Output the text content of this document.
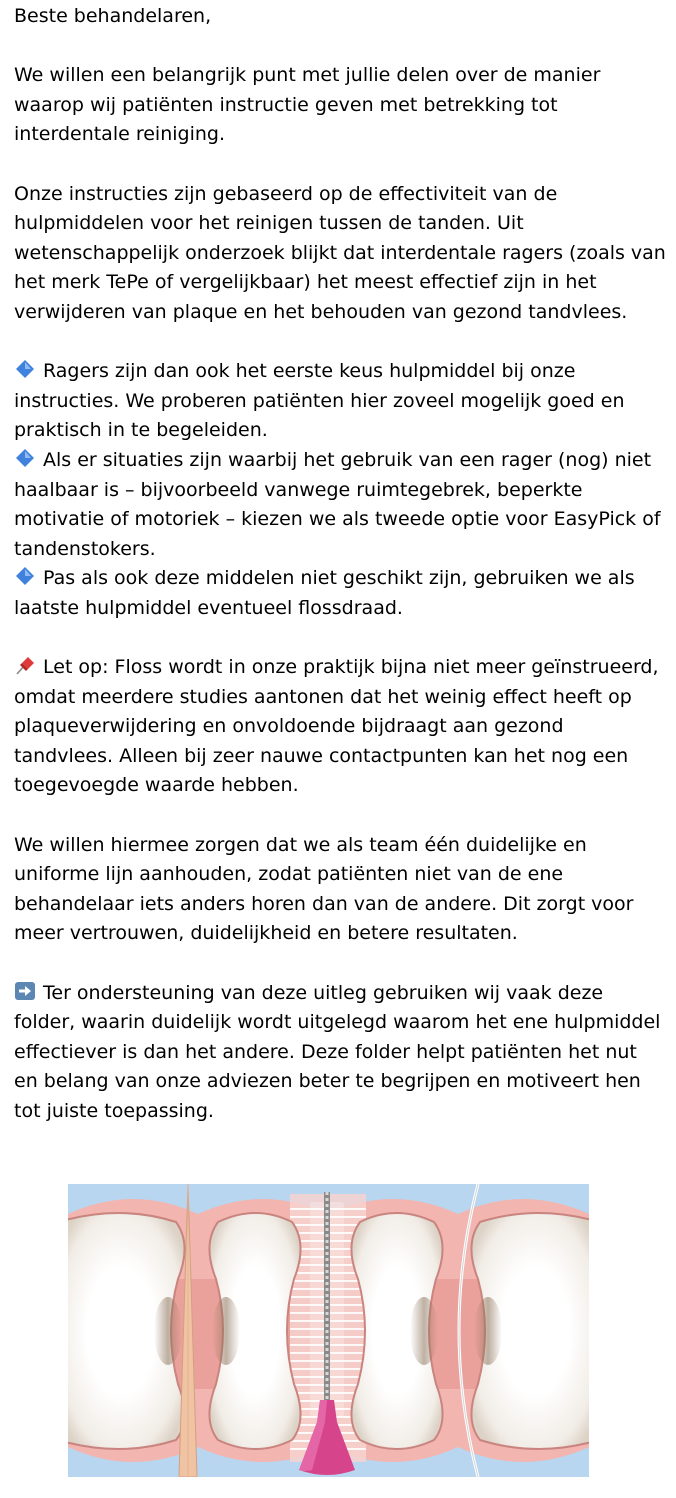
Beste behandelaren,

We willen een belangrijk punt met jullie delen over de manier waarop wij patiënten instructie geven met betrekking tot interdentale reiniging.

Onze instructies zijn gebaseerd op de effectiviteit van de hulpmiddelen voor het reinigen tussen de tanden. Uit wetenschappelijk onderzoek blijkt dat interdentale ragers (zoals van het merk TePe of vergelijkbaar) het meest effectief zijn in het verwijderen van plaque en het behouden van gezond tandvlees.

Ragers zijn dan ook het eerste keus hulpmiddel bij onze instructies. We proberen patiënten hier zoveel mogelijk goed en praktisch in te begeleiden.

Als er situaties zijn waarbij het gebruik van een rager (nog) niet haalbaar is – bijvoorbeeld vanwege ruimtegebrek, beperkte motivatie of motoriek – kiezen we als tweede optie voor EasyPick of tandenstokers.

Pas als ook deze middelen niet geschikt zijn, gebruiken we als laatste hulpmiddel eventueel flossdraad.

Let op: Floss wordt in onze praktijk bijna niet meer geïnstrueerd, omdat meerdere studies aantonen dat het weinig effect heeft op plaqueverwijdering en onvoldoende bijdraagt aan gezond tandvlees. Alleen bij zeer nauwe contactpunten kan het nog een toegevoegde waarde hebben.

We willen hiermee zorgen dat we als team één duidelijke en uniforme lijn aanhouden, zodat patiënten niet van de ene behandelaar iets anders horen dan van de andere. Dit zorgt voor meer vertrouwen, duidelijkheid en betere resultaten.

Ter ondersteuning van deze uitleg gebruiken wij vaak deze folder, waarin duidelijk wordt uitgelegd waarom het ene hulpmiddel effectiever is dan het andere. Deze folder helpt patiënten het nut en belang van onze adviezen beter te begrijpen en motiveert hen tot juiste toepassing.
